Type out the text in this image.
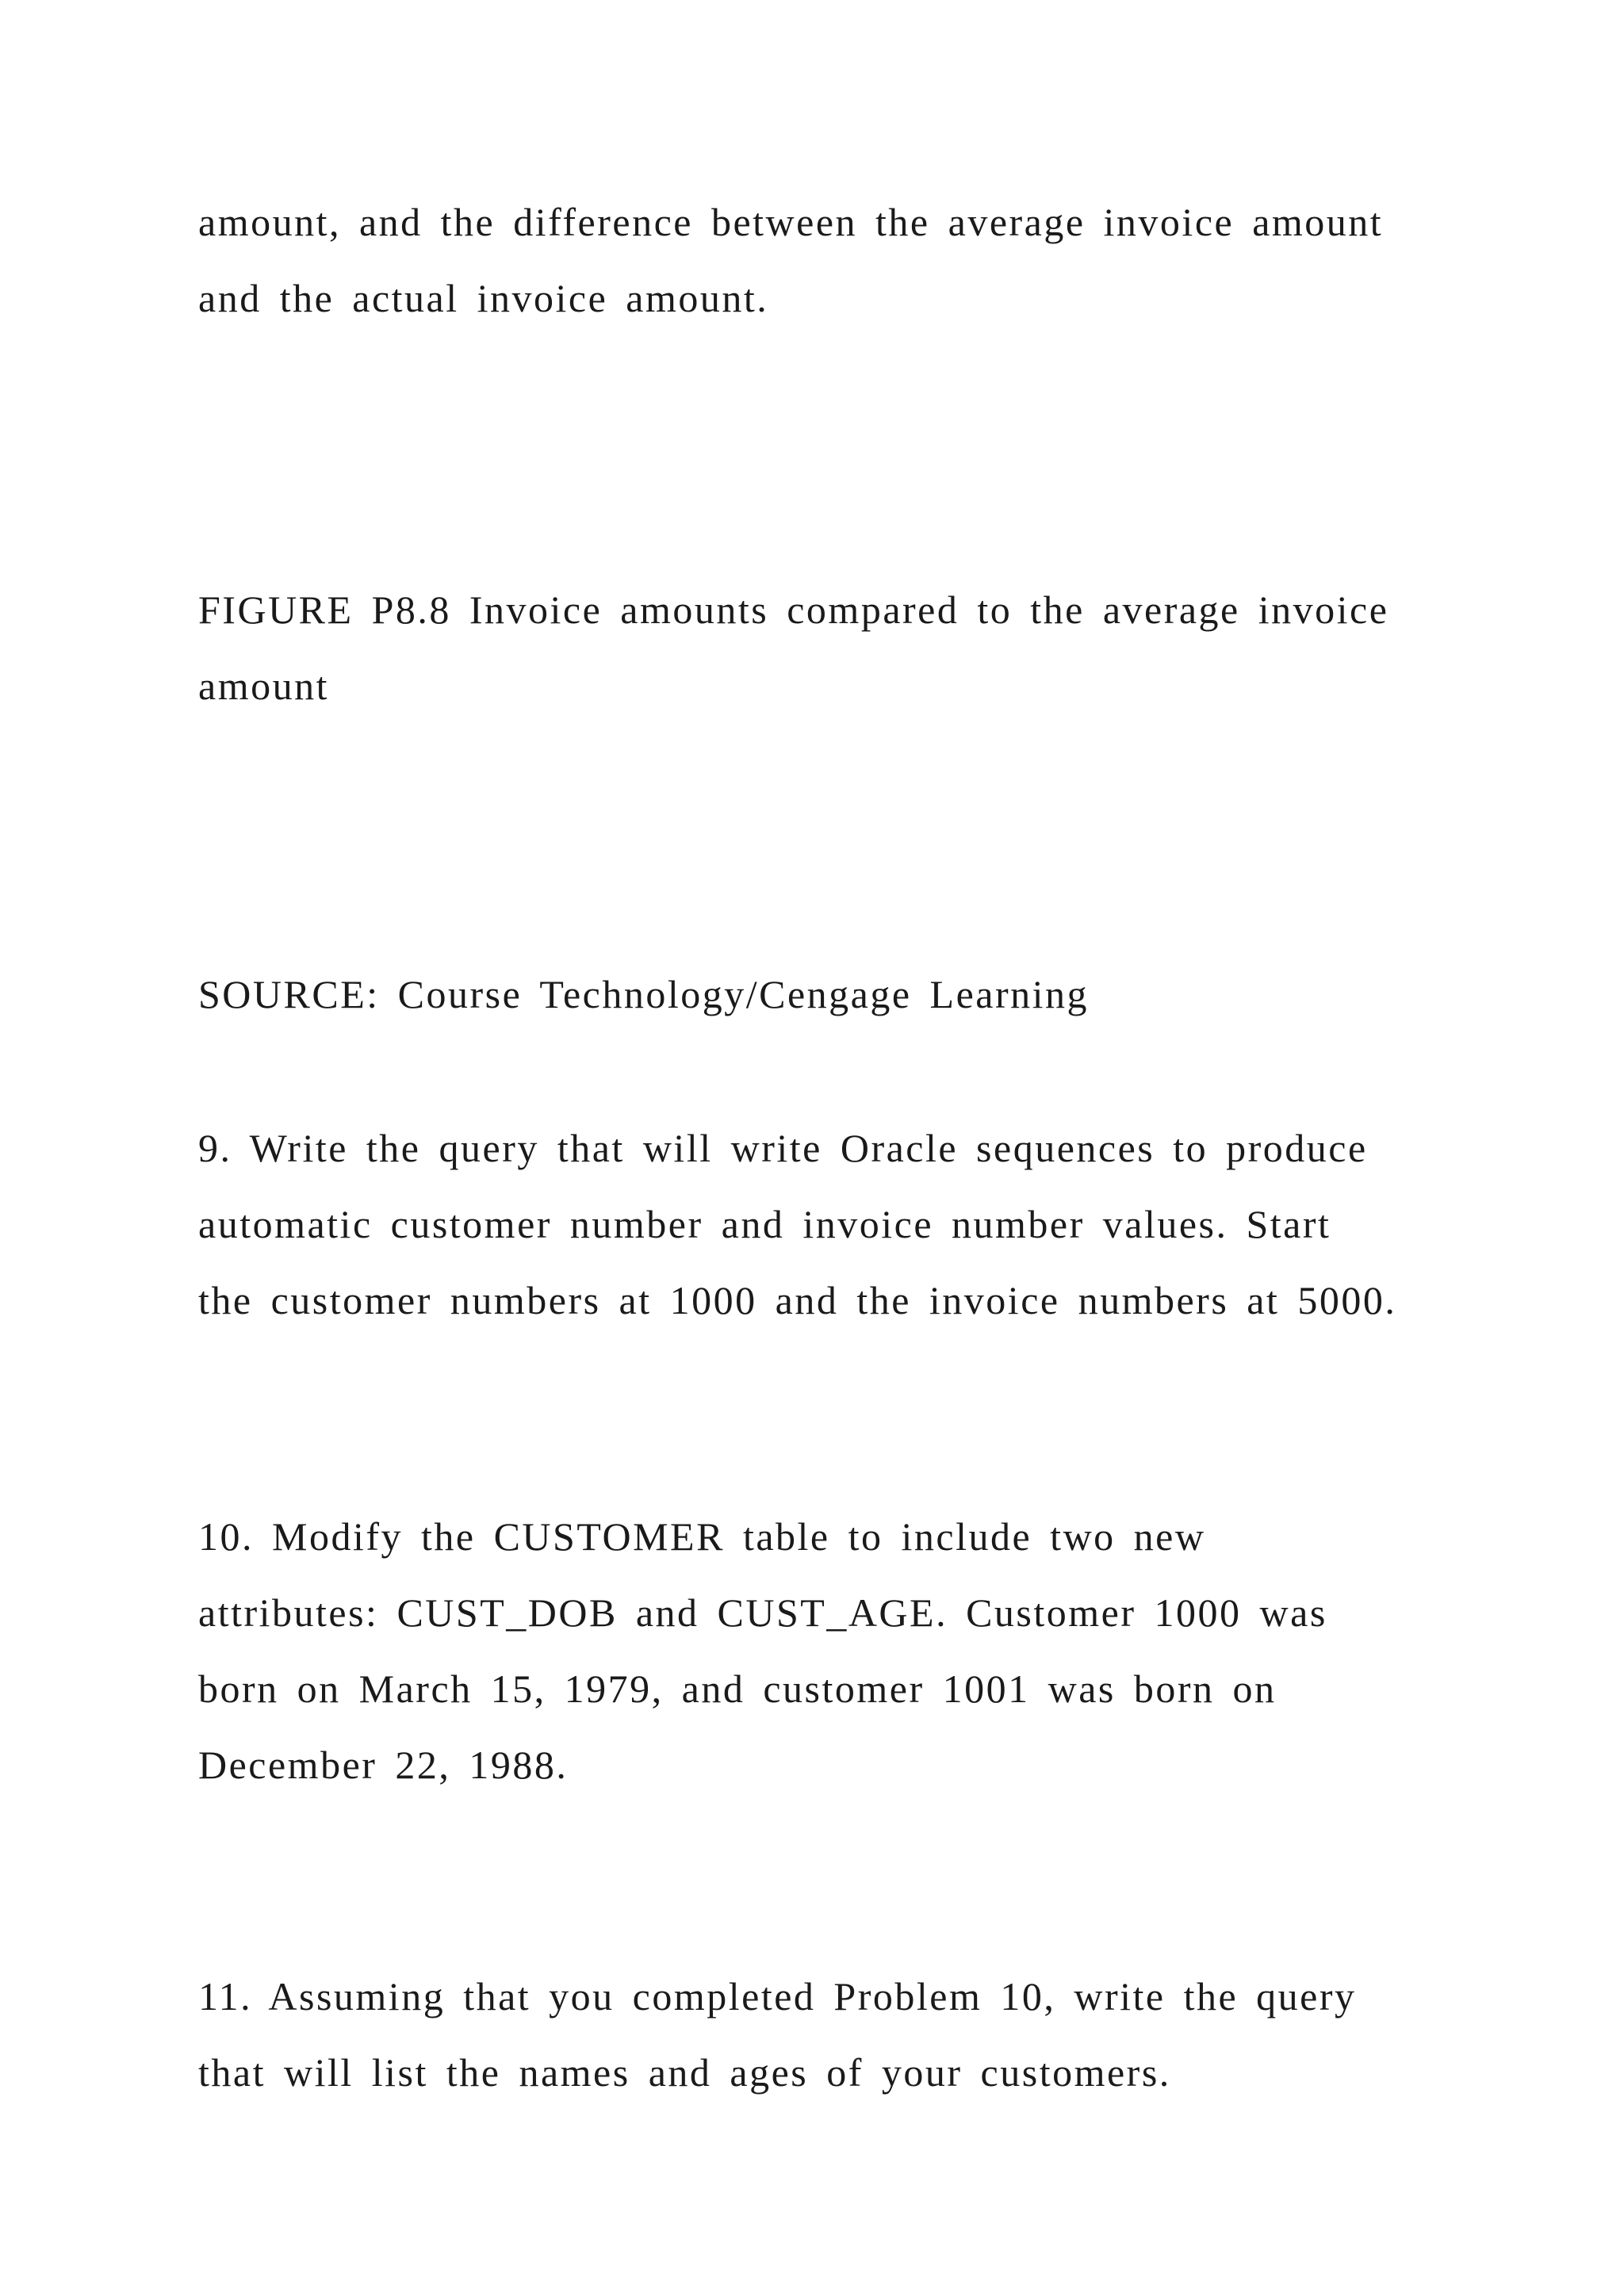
amount, and the difference between the average invoice amount
and the actual invoice amount.

FIGURE P8.8 Invoice amounts compared to the average invoice
amount

SOURCE: Course Technology/Cengage Learning

9. Write the query that will write Oracle sequences to produce
automatic customer number and invoice number values. Start
the customer numbers at 1000 and the invoice numbers at 5000.

10. Modify the CUSTOMER table to include two new
attributes: CUST_DOB and CUST_AGE. Customer 1000 was
born on March 15, 1979, and customer 1001 was born on
December 22, 1988.

11. Assuming that you completed Problem 10, write the query
that will list the names and ages of your customers.
